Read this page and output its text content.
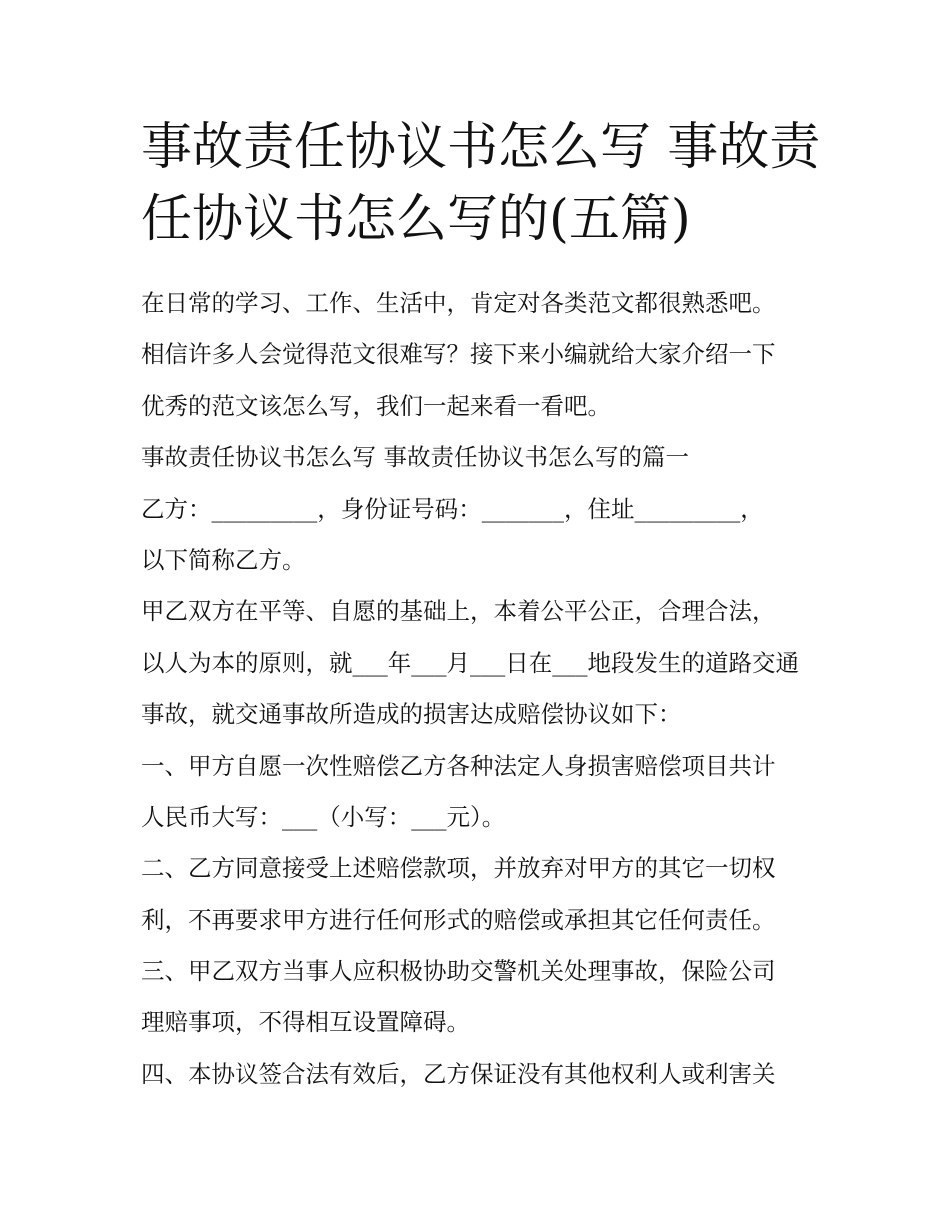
事故责任协议书怎么写 事故责
任协议书怎么写的(五篇)
在日常的学习、工作、生活中，肯定对各类范文都很熟悉吧。
相信许多人会觉得范文很难写？接下来小编就给大家介绍一下
优秀的范文该怎么写，我们一起来看一看吧。
事故责任协议书怎么写 事故责任协议书怎么写的篇一
乙方：_________，身份证号码：_______，住址_________，
以下简称乙方。
甲乙双方在平等、自愿的基础上，本着公平公正，合理合法，
以人为本的原则，就___年___月___日在___地段发生的道路交通
事故，就交通事故所造成的损害达成赔偿协议如下：
一、甲方自愿一次性赔偿乙方各种法定人身损害赔偿项目共计
人民币大写：___（小写：___元）。
二、乙方同意接受上述赔偿款项，并放弃对甲方的其它一切权
利，不再要求甲方进行任何形式的赔偿或承担其它任何责任。
三、甲乙双方当事人应积极协助交警机关处理事故，保险公司
理赔事项，不得相互设置障碍。
四、本协议签合法有效后，乙方保证没有其他权利人或利害关
